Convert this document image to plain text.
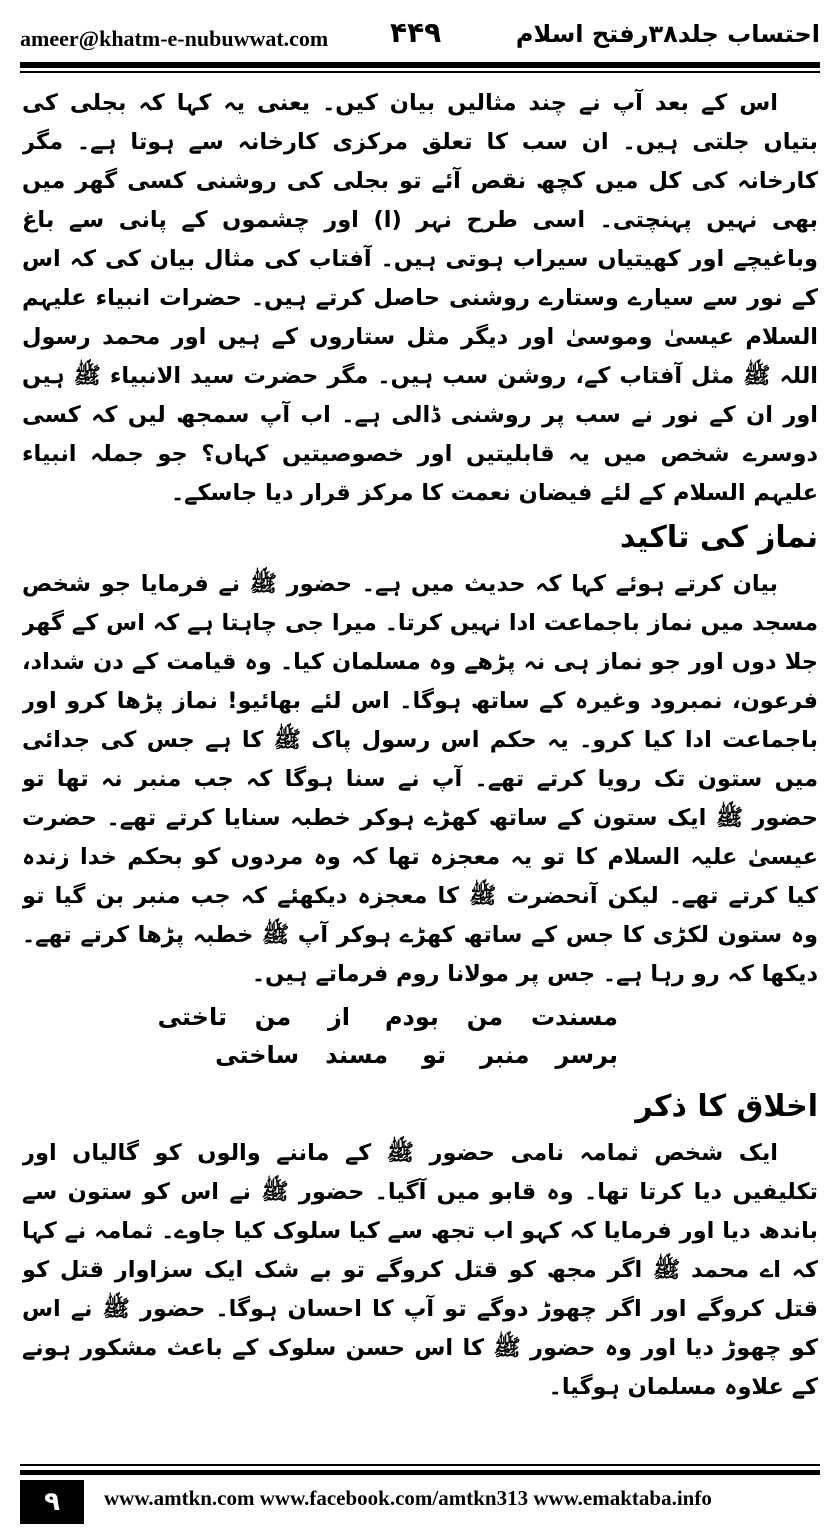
ameer@khatm-e-nubuwwat.com ۴۴۹	احتساب جلد۳۸رفتح اسلام

اس کے بعد آپ نے چند مثالیں بیان کیں۔ یعنی یہ کہا کہ بجلی کی بتیاں جلتی ہیں۔ ان سب کا تعلق مرکزی کارخانہ سے ہوتا ہے۔ مگر کارخانہ کی کل میں کچھ نقص آئے تو بجلی کی روشنی کسی گھر میں بھی نہیں پہنچتی۔ اسی طرح نہر (ا) اور چشموں کے پانی سے باغ وباغیچے اور کھیتیاں سیراب ہوتی ہیں۔ آفتاب کی مثال بیان کی کہ اس کے نور سے سیارے وستارے روشنی حاصل کرتے ہیں۔ حضرات انبیاء علیہم السلام عیسیٰ وموسیٰ اور دیگر مثل ستاروں کے ہیں اور محمد رسول اللہ ﷺ مثل آفتاب کے، روشن سب ہیں۔ مگر حضرت سید الانبیاء ﷺ ہیں اور ان کے نور نے سب پر روشنی ڈالی ہے۔ اب آپ سمجھ لیں کہ کسی دوسرے شخص میں یہ قابلیتیں اور خصوصیتیں کہاں؟ جو جملہ انبیاء علیہم السلام کے لئے فیضان نعمت کا مرکز قرار دیا جاسکے۔

نماز کی تاکید

بیان کرتے ہوئے کہا کہ حدیث میں ہے۔ حضور ﷺ نے فرمایا جو شخص مسجد میں نماز باجماعت ادا نہیں کرتا۔ میرا جی چاہتا ہے کہ اس کے گھر جلا دوں اور جو نماز ہی نہ پڑھے وہ مسلمان کیا۔ وہ قیامت کے دن شداد، فرعون، نمبرود وغیرہ کے ساتھ ہوگا۔ اس لئے بھائیو! نماز پڑھا کرو اور باجماعت ادا کیا کرو۔ یہ حکم اس رسول پاک ﷺ کا ہے جس کی جدائی میں ستون تک رویا کرتے تھے۔ آپ نے سنا ہوگا کہ جب منبر نہ تھا تو حضور ﷺ ایک ستون کے ساتھ کھڑے ہوکر خطبہ سنایا کرتے تھے۔ حضرت عیسیٰ علیہ السلام کا تو یہ معجزہ تھا کہ وہ مردوں کو بحکم خدا زندہ کیا کرتے تھے۔ لیکن آنحضرت ﷺ کا معجزہ دیکھئے کہ جب منبر بن گیا تو وہ ستون لکڑی کا جس کے ساتھ کھڑے ہوکر آپ ﷺ خطبہ پڑھا کرتے تھے۔ دیکھا کہ رو رہا ہے۔ جس پر مولانا روم فرماتے ہیں۔

مسندت
من
بودم
از
من
تاختی
برسر
منبر
تو
مسند
ساختی
اخلاق کا ذکر

ایک شخص ثمامہ نامی حضور ﷺ کے ماننے والوں کو گالیاں اور تکلیفیں دیا کرتا تھا۔ وہ قابو میں آگیا۔ حضور ﷺ نے اس کو ستون سے باندھ دیا اور فرمایا کہ کہو اب تجھ سے کیا سلوک کیا جاوے۔ ثمامہ نے کہا کہ اے محمد ﷺ اگر مجھ کو قتل کروگے تو بے شک ایک سزاوار قتل کو قتل کروگے اور اگر چھوڑ دوگے تو آپ کا احسان ہوگا۔ حضور ﷺ نے اس کو چھوڑ دیا اور وہ حضور ﷺ کا اس حسن سلوک کے باعث مشکور ہونے کے علاوہ مسلمان ہوگیا۔

۹	www.amtkn.com www.facebook.com/amtkn313 www.emaktaba.info
